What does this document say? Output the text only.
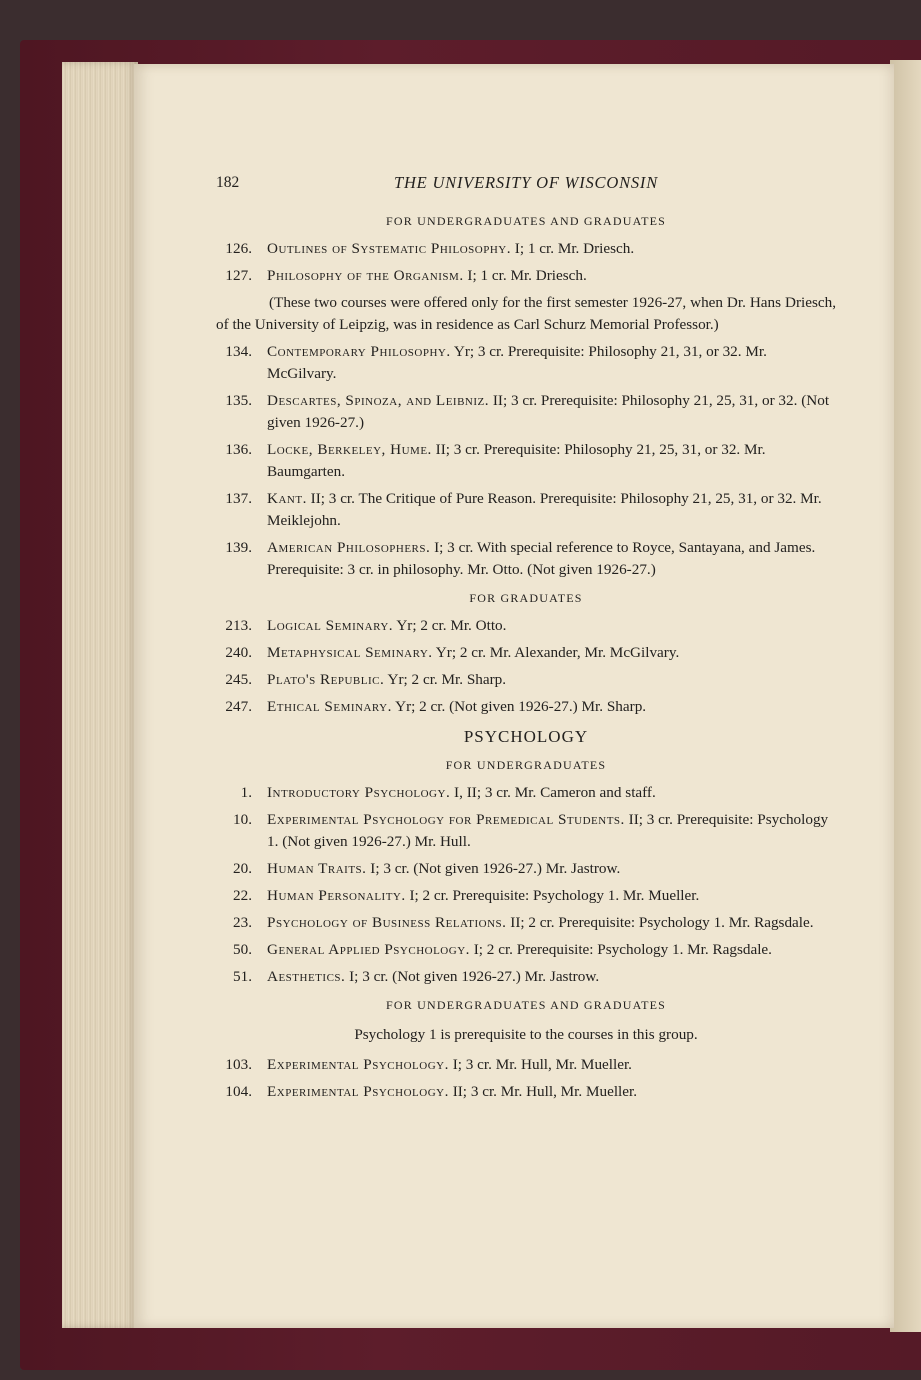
182	THE UNIVERSITY OF WISCONSIN
FOR UNDERGRADUATES AND GRADUATES
126. Outlines of Systematic Philosophy. I; 1 cr. Mr. Driesch.
127. Philosophy of the Organism. I; 1 cr. Mr. Driesch.
(These two courses were offered only for the first semester 1926-27, when Dr. Hans Driesch, of the University of Leipzig, was in residence as Carl Schurz Memorial Professor.)
134. Contemporary Philosophy. Yr; 3 cr. Prerequisite: Philosophy 21, 31, or 32. Mr. McGilvary.
135. Descartes, Spinoza, and Leibniz. II; 3 cr. Prerequisite: Philosophy 21, 25, 31, or 32. (Not given 1926-27.)
136. Locke, Berkeley, Hume. II; 3 cr. Prerequisite: Philosophy 21, 25, 31, or 32. Mr. Baumgarten.
137. Kant. II; 3 cr. The Critique of Pure Reason. Prerequisite: Philosophy 21, 25, 31, or 32. Mr. Meiklejohn.
139. American Philosophers. I; 3 cr. With special reference to Royce, Santayana, and James. Prerequisite: 3 cr. in philosophy. Mr. Otto. (Not given 1926-27.)
FOR GRADUATES
213. Logical Seminary. Yr; 2 cr. Mr. Otto.
240. Metaphysical Seminary. Yr; 2 cr. Mr. Alexander, Mr. McGilvary.
245. Plato's Republic. Yr; 2 cr. Mr. Sharp.
247. Ethical Seminary. Yr; 2 cr. (Not given 1926-27.) Mr. Sharp.
PSYCHOLOGY
FOR UNDERGRADUATES
1. Introductory Psychology. I, II; 3 cr. Mr. Cameron and staff.
10. Experimental Psychology for Premedical Students. II; 3 cr. Prerequisite: Psychology 1. (Not given 1926-27.) Mr. Hull.
20. Human Traits. I; 3 cr. (Not given 1926-27.) Mr. Jastrow.
22. Human Personality. I; 2 cr. Prerequisite: Psychology 1. Mr. Mueller.
23. Psychology of Business Relations. II; 2 cr. Prerequisite: Psychology 1. Mr. Ragsdale.
50. General Applied Psychology. I; 2 cr. Prerequisite: Psychology 1. Mr. Ragsdale.
51. Aesthetics. I; 3 cr. (Not given 1926-27.) Mr. Jastrow.
FOR UNDERGRADUATES AND GRADUATES
Psychology 1 is prerequisite to the courses in this group.
103. Experimental Psychology. I; 3 cr. Mr. Hull, Mr. Mueller.
104. Experimental Psychology. II; 3 cr. Mr. Hull, Mr. Mueller.
